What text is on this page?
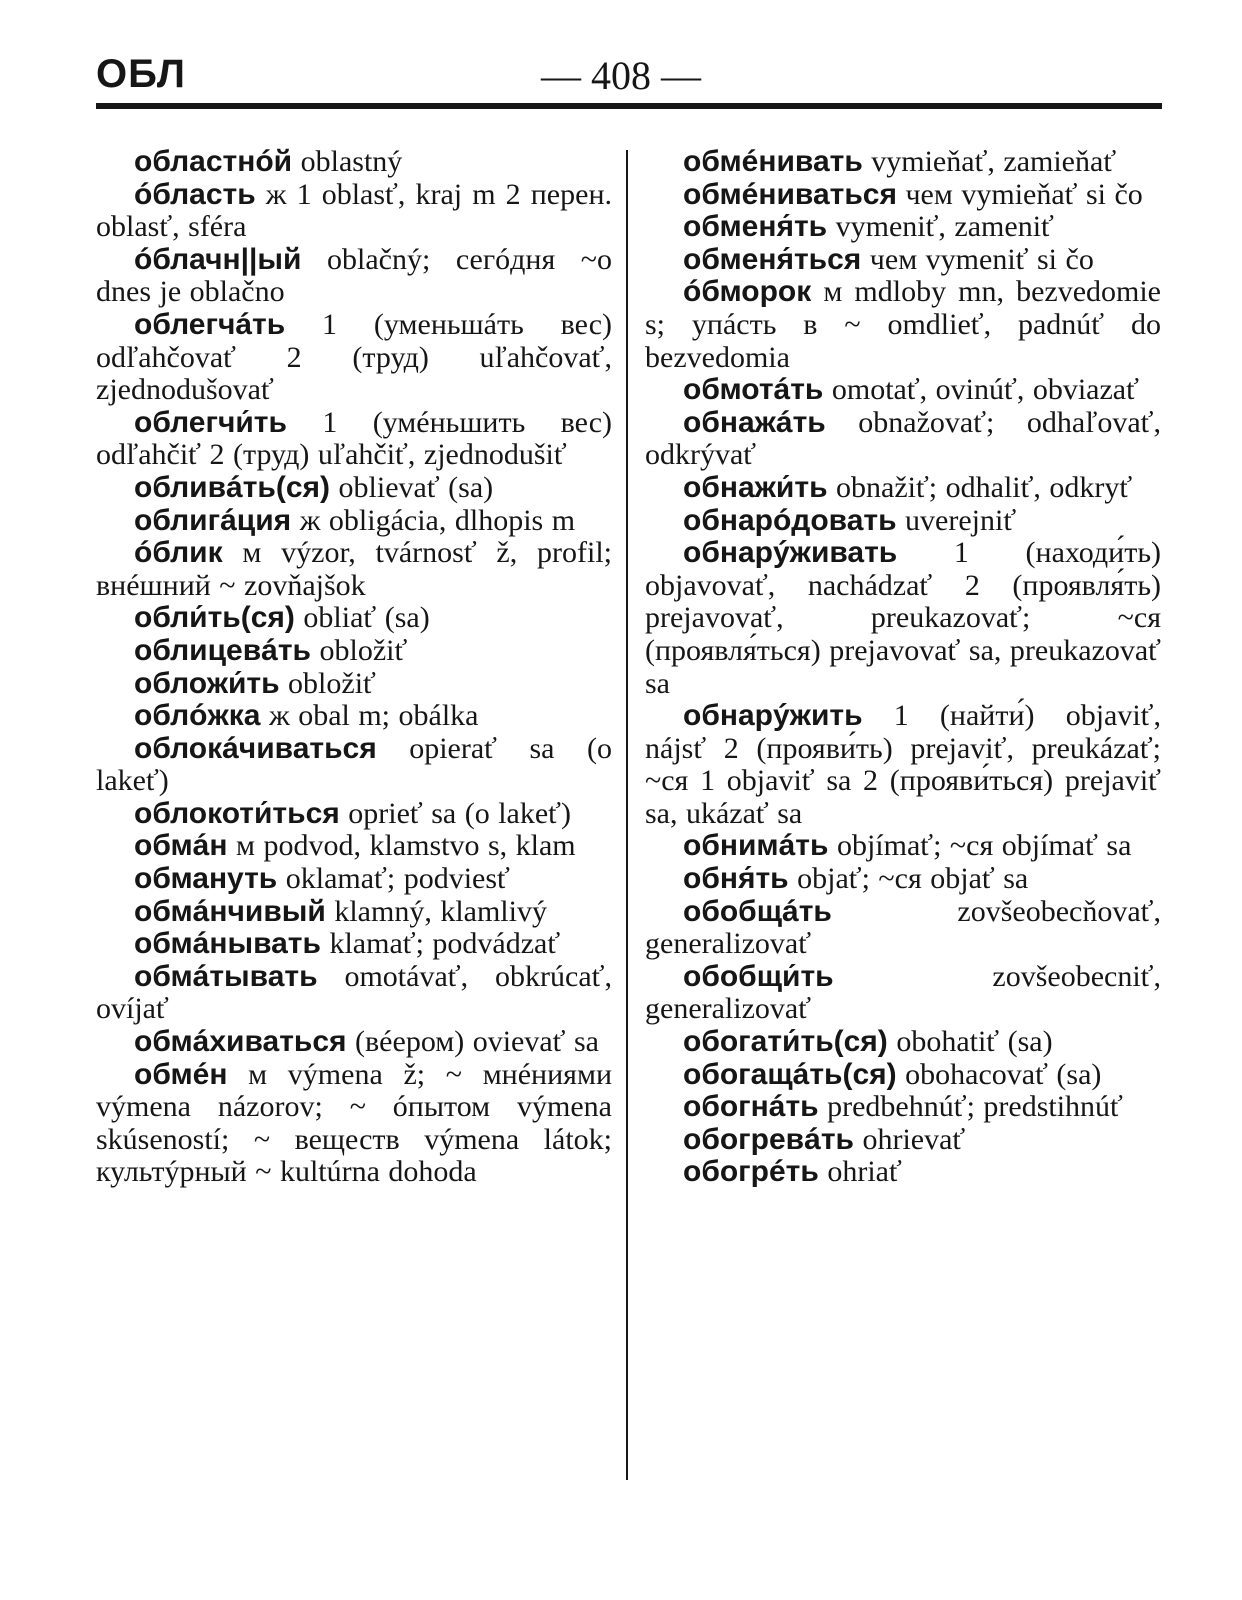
ОБЛ	— 408 —

областнóй oblastný

óбласть ж 1 oblasť, kraj m 2 перен. oblasť, sféra

óблачн||ый oblačný; сегóдня ~о dnes je oblačno

облегчáть 1 (уменьшáть вес) odľahčovať 2 (труд) uľahčovať, zjednodušovať

облегчи́ть 1 (умéньшить вес) odľahčiť 2 (труд) uľahčiť, zjednodušiť

обливáть(ся) oblievať (sa)

облигáция ж obligácia, dlhopis m

óблик м výzor, tvárnosť ž, profil; внéшний ~ zovňajšok

обли́ть(ся) obliať (sa)

облицевáть obložiť

обложи́ть obložiť

облóжка ж obal m; obálka

облокáчиваться opierať sa (o lakeť)

облокоти́ться oprieť sa (o lakeť)

обмáн м podvod, klamstvo s, klam

обмануть oklamať; podviesť

обмáнчивый klamný, klamlivý

обмáнывать klamať; podvádzať

обмáтывать omotávať, obkrúcať, ovíjať

обмáхиваться (вéером) ovievať sa

обмéн м výmena ž; ~ мнéниями výmena názorov; ~ óпытом výmena skúseností; ~ веществ výmena látok; культýрный ~ kultúrna dohoda

обмéнивать vymieňať, zamieňať

обмéниваться чем vymieňať si čo

обменя́ть vymeniť, zameniť

обменя́ться чем vymeniť si čo

óбморок м mdloby mn, bezvedomie s; упáсть в ~ omdlieť, padnúť do bezvedomia

обмотáть omotať, ovinúť, obviazať

обнажáть obnažovať; odhaľovať, odkrývať

обнажи́ть obnažiť; odhaliť, odkryť

обнарóдовать uverejniť

обнарýживать 1 (находи́ть) objavovať, nachádzať 2 (проявля́ть) prejavovať, preukazovať; ~ся (проявля́ться) prejavovať sa, preukazovať sa

обнарýжить 1 (найти́) objaviť, nájsť 2 (прояви́ть) prejaviť, preukázať; ~ся 1 objaviť sa 2 (прояви́ться) prejaviť sa, ukázať sa

обнимáть objímať; ~ся objímať sa

обня́ть objať; ~ся objať sa

обобщáть zovšeobecňovať, generalizovať

обобщи́ть zovšeobecniť, generalizovať

обогати́ть(ся) obohatiť (sa)

обогащáть(ся) obohacovať (sa)

обогнáть predbehnúť; predstihnúť

обогревáть ohrievať

обогрéть ohriať
